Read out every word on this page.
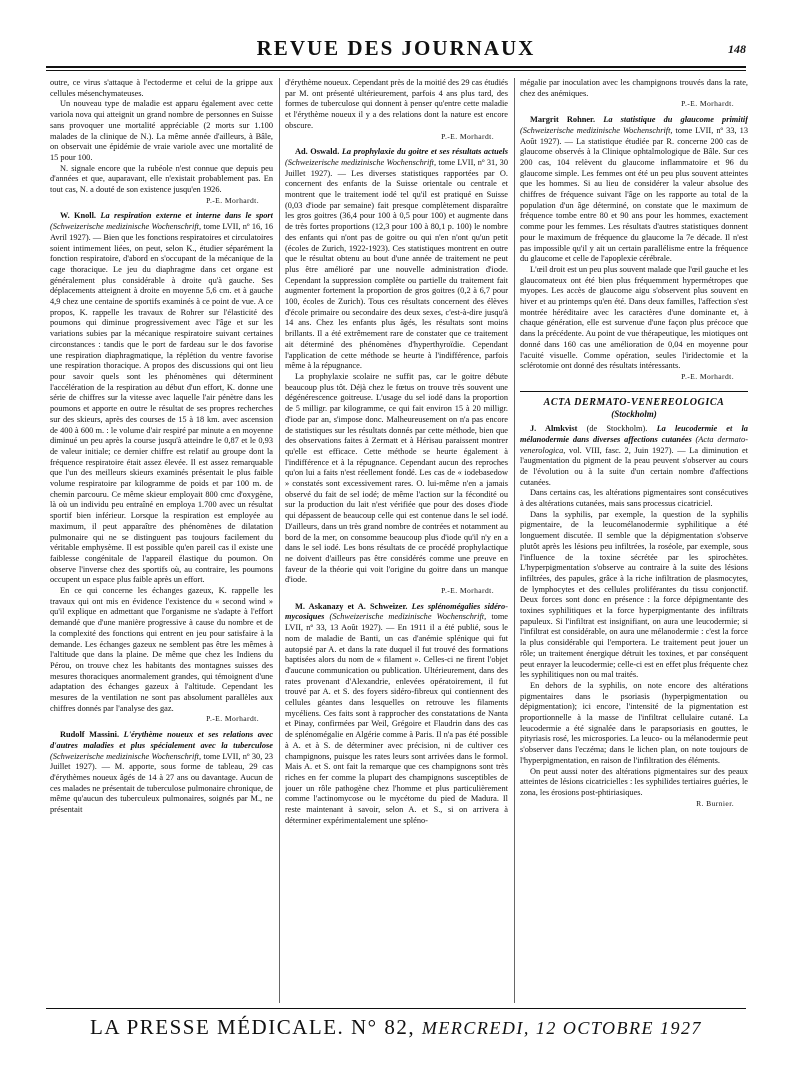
REVUE DES JOURNAUX	148

outre, ce virus s'attaque à l'ectoderme et celui de la grippe aux cellules mésenchymateuses.

Un nouveau type de maladie est apparu également avec cette variola nova qui atteignit un grand nombre de personnes en Suisse sans provoquer une mortalité appréciable (2 morts sur 1.100 malades de la clinique de N.). La même année d'ailleurs, à Bâle, on observait une épidémie de vraie variole avec une mortalité de 15 pour 100.

N. signale encore que la rubéole n'est connue que depuis peu d'années et que, auparavant, elle n'existait probablement pas. En tout cas, N. a douté de son existence jusqu'en 1926.

P.-E. Morhardt.

W. Knoll. La respiration externe et interne dans le sport (Schweizerische medizinische Wochenschrift, tome LVII, nº 16, 16 Avril 1927). — Bien que les fonctions respiratoires et circulatoires soient intimement liées, on peut, selon K., étudier séparément la fonction respiratoire, d'abord en s'occupant de la mécanique de la cage thoracique. Le jeu du diaphragme dans cet organe est généralement plus considérable à droite qu'à gauche. Ses déplacements atteignent à droite en moyenne 5,6 cm. et à gauche 4,9 chez une centaine de sportifs examinés à ce point de vue. A ce propos, K. rappelle les travaux de Rohrer sur l'élasticité des poumons qui diminue progressivement avec l'âge et sur les variations subies par la mécanique respiratoire suivant certaines circonstances : tandis que le port de fardeau sur le dos favorise une respiration diaphragmatique, la réplétion du ventre favorise une respiration thoracique. A propos des discussions qui ont lieu pour savoir quels sont les phénomènes qui déterminent l'accélération de la respiration au début d'un effort, K. donne une série de chiffres sur la vitesse avec laquelle l'air pénètre dans les poumons et apporte en outre le résultat de ses propres recherches sur des skieurs, après des courses de 15 à 18 km. avec ascension de 400 à 600 m. : le volume d'air respiré par minute a en moyenne diminué un peu après la course jusqu'à atteindre le 0,87 et le 0,93 de valeur initiale; ce dernier chiffre est relatif au groupe dont la fréquence respiratoire était assez élevée. Il est assez remarquable que l'un des meilleurs skieurs examinés présentait le plus faible volume respiratoire par kilogramme de poids et par 100 m. de chemin parcouru. Ce même skieur employait 800 cmc d'oxygène, là où un individu peu entraîné en employa 1.700 avec un résultat sportif bien inférieur. Lorsque la respiration est employée au maximum, il peut apparaître des phénomènes de dilatation pulmonaire qui ne se distinguent pas toujours facilement du véritable emphysème. Il est possible qu'en pareil cas il existe une faiblesse congénitale de l'appareil élastique du poumon. On observe l'inverse chez des sportifs où, au contraire, les poumons occupent un espace plus faible après un effort.

En ce qui concerne les échanges gazeux, K. rappelle les travaux qui ont mis en évidence l'existence du « second wind » qu'il explique en admettant que l'organisme ne s'adapte à l'effort demandé que d'une manière progressive à cause du nombre et de la complexité des fonctions qui entrent en jeu pour satisfaire à la demande. Les échanges gazeux ne semblent pas être les mêmes à l'altitude que dans la plaine. De même que chez les Indiens du Pérou, on trouve chez les habitants des montagnes suisses des mesures thoraciques anormalement grandes, qui témoignent d'une adaptation des échanges gazeux à l'altitude. Cependant les mesures de la ventilation ne sont pas absolument parallèles aux chiffres donnés par l'analyse des gaz.

P.-E. Morhardt.

Rudolf Massini. L'érythème noueux et ses relations avec d'autres maladies et plus spécialement avec la tuberculose (Schweizerische medizinische Wochenschrift, tome LVII, nº 30, 23 Juillet 1927). — M. apporte, sous forme de tableau, 29 cas d'érythèmes noueux âgés de 14 à 27 ans ou davantage. Aucun de ces malades ne présentait de tuberculose pulmonaire chronique, de même qu'aucun des tuberculeux pulmonaires, soignés par M., ne présentait

d'érythème noueux. Cependant près de la moitié des 29 cas étudiés par M. ont présenté ultérieurement, parfois 4 ans plus tard, des formes de tuberculose qui donnent à penser qu'entre cette maladie et l'érythème noueux il y a des relations dont la nature est encore obscure.

P.-E. Morhardt.

Ad. Oswald. La prophylaxie du goitre et ses résultats actuels (Schweizerische medizinische Wochenschrift, tome LVII, nº 31, 30 Juillet 1927). — Les diverses statistiques rapportées par O. concernent des enfants de la Suisse orientale ou centrale et montrent que le traitement iodé tel qu'il est pratiqué en Suisse (0,03 d'iode par semaine) fait presque complètement disparaître les gros goitres (36,4 pour 100 à 0,5 pour 100) et augmente dans de très fortes proportions (12,3 pour 100 à 80,1 p. 100) le nombre des enfants qui n'ont pas de goitre ou qui n'en n'ont qu'un petit (écoles de Zurich, 1922-1923). Ces statistiques montrent en outre que le résultat obtenu au bout d'une année de traitement ne peut plus être amélioré par une nouvelle administration d'iode. Cependant la suppression complète ou partielle du traitement fait augmenter fortement la proportion de gros goitres (0,2 à 6,7 pour 100, écoles de Zurich). Tous ces résultats concernent des élèves d'école primaire ou secondaire des deux sexes, c'est-à-dire jusqu'à 14 ans. Chez les enfants plus âgés, les résultats sont moins brillants. Il a été extrêmement rare de constater que ce traitement ait déterminé des phénomènes d'hyperthyroïdie. Cependant l'application de cette méthode se heurte à l'indifférence, parfois même à la répugnance.

La prophylaxie scolaire ne suffit pas, car le goitre débute beaucoup plus tôt. Déjà chez le fœtus on trouve très souvent une dégénérescence goitreuse. L'usage du sel iodé dans la proportion de 5 milligr. par kilogramme, ce qui fait environ 15 à 20 milligr. d'iode par an, s'impose donc. Malheureusement on n'a pas encore de statistiques sur les résultats donnés par cette méthode, bien que des observations faites à Zermatt et à Hérisau paraissent montrer qu'elle est efficace. Cette méthode se heurte également à l'indifférence et à la répugnance. Cependant aucun des reproches qu'on lui a faits n'est réellement fondé. Les cas de « iodebasedow » constatés sont excessivement rares. O. lui-même n'en a jamais observé du fait de sel iodé; de même l'action sur la fécondité ou sur la production du lait n'est vérifiée que pour des doses d'iode qui dépassent de beaucoup celle qui est contenue dans le sel iodé. D'ailleurs, dans un très grand nombre de contrées et notamment au bord de la mer, on consomme beaucoup plus d'iode qu'il n'y en a dans le sel iodé. Les bons résultats de ce procédé prophylactique ne doivent d'ailleurs pas être considérés comme une preuve en faveur de la théorie qui voit l'origine du goitre dans un manque d'iode.

P.-E. Morhardt.

M. Askanazy et A. Schweizer. Les splénomégalies sidéro-mycosiques (Schweizerische medizinische Wochenschrift, tome LVII, nº 33, 13 Août 1927). — En 1911 il a été publié, sous le nom de maladie de Banti, un cas d'anémie splénique qui fut autopsié par A. et dans la rate duquel il fut trouvé des formations baptisées alors du nom de « filament ». Celles-ci ne firent l'objet d'aucune communication ou publication. Ultérieurement, dans des rates provenant d'Alexandrie, enlevées opératoirement, il fut trouvé par A. et S. des foyers sidéro-fibreux qui contiennent des cellules géantes dans lesquelles on retrouve les filaments mycéliens. Ces faits sont à rapprocher des constatations de Nanta et Pinay, confirmées par Weil, Grégoire et Flaudrin dans des cas de splénomégalie en Algérie comme à Paris. Il n'a pas été possible à A. et à S. de déterminer avec précision, ni de cultiver ces champignons, puisque les rates leurs sont arrivées dans le formol. Mais A. et S. ont fait la remarque que ces champignons sont très riches en fer comme la plupart des champignons susceptibles de jouer un rôle pathogène chez l'homme et plus particulièrement comme l'actinomycose ou le mycétome du pied de Madura. Il reste maintenant à savoir, selon A. et S., si on arrivera à déterminer expérimentalement une spléno-

mégalie par inoculation avec les champignons trouvés dans la rate, chez des anémiques.

P.-E. Morhardt.

Margrit Rohner. La statistique du glaucome primitif (Schweizerische medizinische Wochenschrift, tome LVII, nº 33, 13 Août 1927). — La statistique étudiée par R. concerne 200 cas de glaucome observés à la Clinique ophtalmologique de Bâle. Sur ces 200 cas, 104 relèvent du glaucome inflammatoire et 96 du glaucome simple. Les femmes ont été un peu plus souvent atteintes que les hommes. Si au lieu de considérer la valeur absolue des chiffres de fréquence suivant l'âge on les rapporte au total de la population d'un âge déterminé, on constate que le maximum de fréquence tombe entre 80 et 90 ans pour les hommes, exactement comme pour les femmes. Les résultats d'autres statistiques donnent pour le maximum de fréquence du glaucome la 7e décade. Il n'est pas impossible qu'il y ait un certain parallélisme entre la fréquence du glaucome et celle de l'apoplexie cérébrale.

L'œil droit est un peu plus souvent malade que l'œil gauche et les glaucomateux ont été bien plus fréquemment hypermétropes que myopes. Les accès de glaucome aigu s'observent plus souvent en hiver et au printemps qu'en été. Dans deux familles, l'affection s'est montrée héréditaire avec les caractères d'une dominante et, à chaque génération, elle est survenue d'une façon plus précoce que dans la précédente. Au point de vue thérapeutique, les miotiques ont donné dans 160 cas une amélioration de 0,04 en moyenne pour l'acuité visuelle. Comme opération, seules l'iridectomie et la sclérotomie ont donné des résultats intéressants.

P.-E. Morhardt.
ACTA DERMATO-VENEREOLOGICA
(Stockholm)

J. Almkvist (de Stockholm). La leucodermie et la mélanodermie dans diverses affections cutanées (Acta dermato-venerologica, vol. VIII, fasc. 2, Juin 1927). — La diminution et l'augmentation du pigment de la peau peuvent s'observer au cours de l'évolution ou à la suite d'un certain nombre d'affections cutanées.

Dans certains cas, les altérations pigmentaires sont consécutives à des altérations cutanées, mais sans processus cicatriciel.

Dans la syphilis, par exemple, la question de la syphilis pigmentaire, de la leucomélanodermie syphilitique a été longuement discutée. Il semble que la dépigmentation s'observe plutôt après les lésions peu infiltrées, la roséole, par exemple, sous l'influence de la toxine sécrétée par les spirochètes. L'hyperpigmentation s'observe au contraire à la suite des lésions infiltrées, des papules, grâce à la riche infiltration de plasmocytes, de lymphocytes et des cellules proliférantes du tissu conjonctif. Deux forces sont donc en présence : la force dépigmentante des toxines syphilitiques et la force hyperpigmentante des infiltrats papuleux. Si l'infiltrat est insignifiant, on aura une leucodermie; si l'infiltrat est considérable, on aura une mélanodermie : c'est la force la plus considérable qui l'emportera. Le traitement peut jouer un rôle; un traitement énergique détruit les toxines, et par conséquent peut enrayer la leucodermie; celle-ci est en effet plus fréquente chez les syphilitiques non ou mal traités.

En dehors de la syphilis, on note encore des altérations pigmentaires dans le psoriasis (hyperpigmentation ou dépigmentation); ici encore, l'intensité de la pigmentation est proportionnelle à la masse de l'infiltrat cellulaire cutané. La leucodermie a été signalée dans le parapsoriasis en gouttes, le pityriasis rosé, les microspories. La leuco- ou la mélanodermie peut s'observer dans l'eczéma; dans le lichen plan, on note toujours de l'hyperpigmentation, en raison de l'infiltration des éléments.

On peut aussi noter des altérations pigmentaires sur des peaux atteintes de lésions cicatricielles : les syphilides tertiaires guéries, le zona, les érosions post-phtiriasiques.

R. Burnier.
LA PRESSE MÉDICALE. N° 82, MERCREDI, 12 OCTOBRE 1927
